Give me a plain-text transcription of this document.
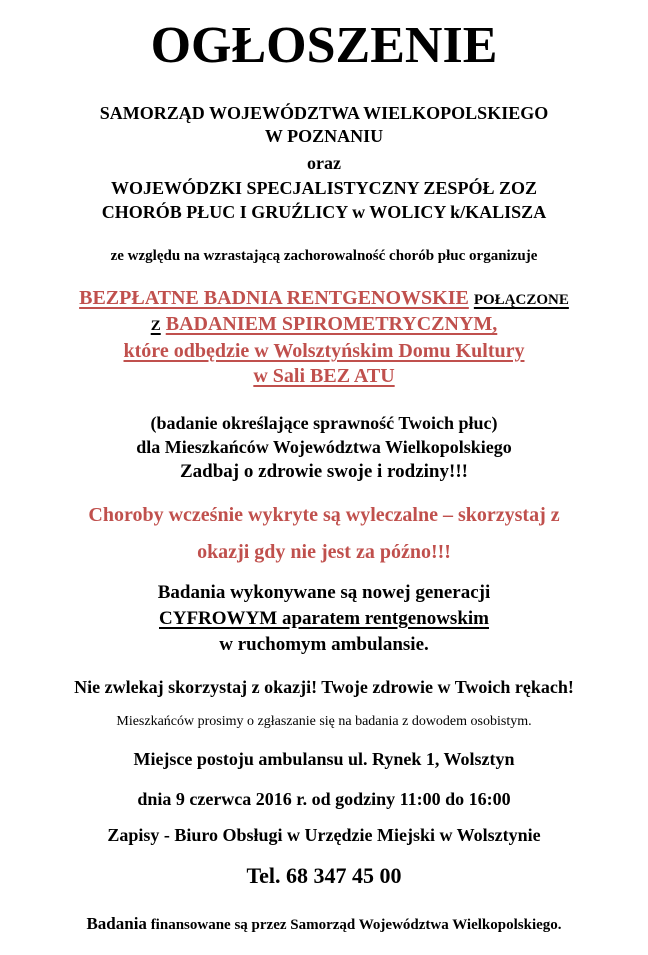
OGŁOSZENIE
SAMORZĄD WOJEWÓDZTWA WIELKOPOLSKIEGO
W POZNANIU
oraz
WOJEWÓDZKI SPECJALISTYCZNY ZESPÓŁ ZOZ
CHORÓB PŁUC I GRUŹLICY w WOLICY k/KALISZA
ze względu na wzrastającą zachorowalność chorób płuc organizuje
BEZPŁATNE BADNIA RENTGENOWSKIE POŁĄCZONE
Z BADANIEM SPIROMETRYCZNYM,
które odbędzie w Wolsztyńskim Domu Kultury
w Sali BEZ ATU
(badanie określające sprawność Twoich płuc)
dla Mieszkańców Województwa Wielkopolskiego
Zadbaj o zdrowie swoje i rodziny!!!
Choroby wcześnie wykryte są wyleczalne – skorzystaj z
okazji gdy nie jest za późno!!!
Badania wykonywane są nowej generacji
CYFROWYM aparatem rentgenowskim
w ruchomym ambulansie.
Nie zwlekaj skorzystaj z okazji! Twoje zdrowie w Twoich rękach!
Mieszkańców prosimy o zgłaszanie się na badania z dowodem osobistym.
Miejsce postoju ambulansu ul. Rynek 1, Wolsztyn
dnia 9 czerwca 2016 r. od godziny 11:00 do 16:00
Zapisy - Biuro Obsługi w Urzędzie Miejski w Wolsztynie
Tel. 68 347 45 00
Badania finansowane są przez Samorząd Województwa Wielkopolskiego.
